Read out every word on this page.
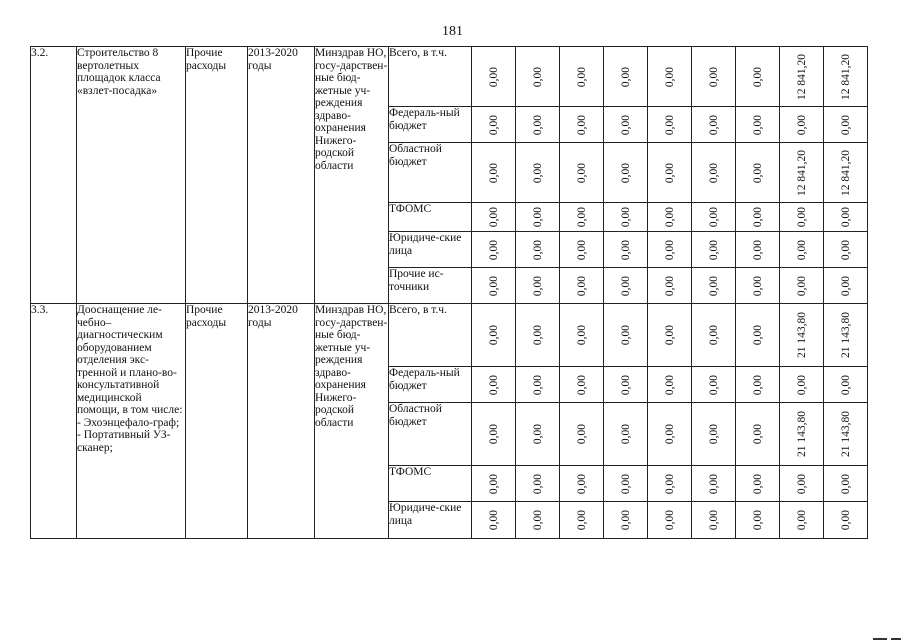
181
3.2.	Строительство 8 вертолетных площадок класса «взлет-посадка»	Прочие расходы	2013-2020 годы	Минздрав НО, госу-дарствен-ные бюд-жетные уч-реждения здраво-охранения Нижего-родской области	Всего, в т.ч.	0,00	0,00	0,00	0,00	0,00	0,00	0,00	12 841,20	12 841,20

					Федераль-ный бюджет	0,00	0,00	0,00	0,00	0,00	0,00	0,00	0,00	0,00

					Областной бюджет	0,00	0,00	0,00	0,00	0,00	0,00	0,00	12 841,20	12 841,20

					ТФОМС	0,00	0,00	0,00	0,00	0,00	0,00	0,00	0,00	0,00

					Юридиче-ские лица	0,00	0,00	0,00	0,00	0,00	0,00	0,00	0,00	0,00

					Прочие ис-точники	0,00	0,00	0,00	0,00	0,00	0,00	0,00	0,00	0,00

3.3.	Дооснащение ле-чебно–диагностическим оборудованием отделения экс-тренной и плано-во-консультативной медицинской помощи, в том числе: - Эхоэнцефало-граф; - Портативный УЗ-сканер;	Прочие расходы	2013-2020 годы	Минздрав НО, госу-дарствен-ные бюд-жетные уч-реждения здраво-охранения Нижего-родской области	Всего, в т.ч.	0,00	0,00	0,00	0,00	0,00	0,00	0,00	21 143,80	21 143,80

					Федераль-ный бюджет	0,00	0,00	0,00	0,00	0,00	0,00	0,00	0,00	0,00

					Областной бюджет	0,00	0,00	0,00	0,00	0,00	0,00	0,00	21 143,80	21 143,80

					ТФОМС	0,00	0,00	0,00	0,00	0,00	0,00	0,00	0,00	0,00

					Юридиче-ские лица	0,00	0,00	0,00	0,00	0,00	0,00	0,00	0,00	0,00
